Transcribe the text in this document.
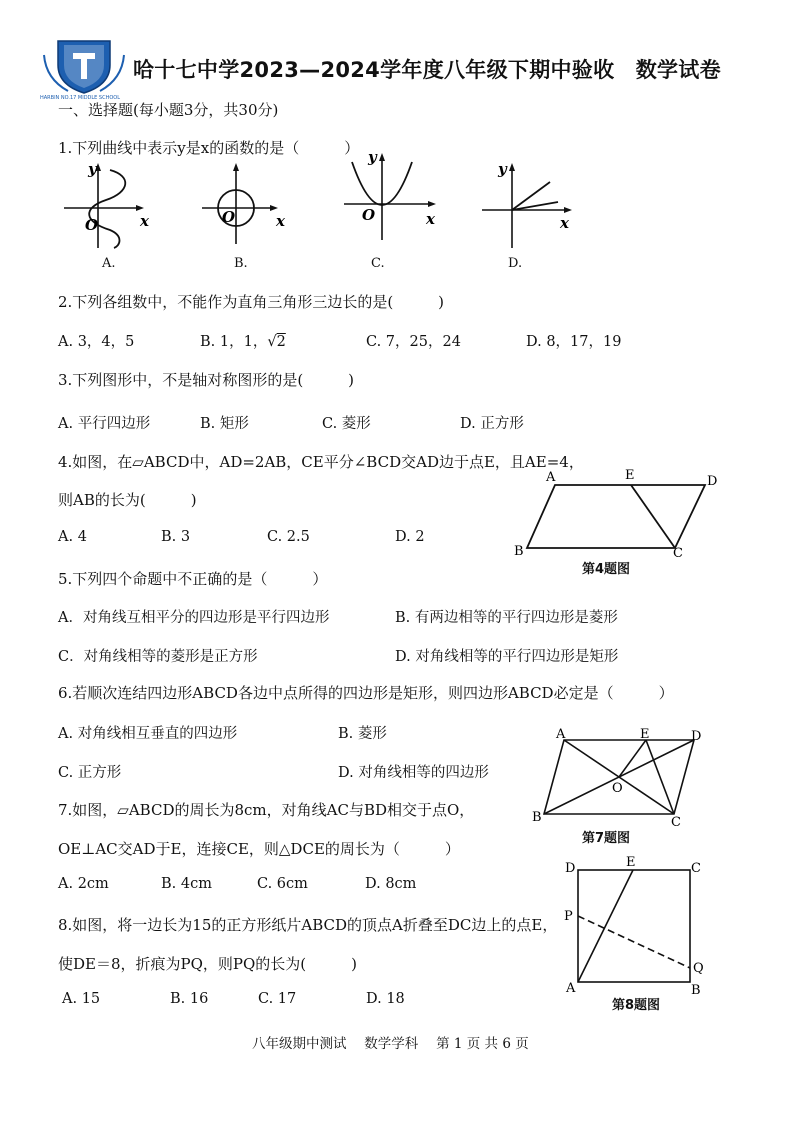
HARBIN NO.17 MIDDLE SCHOOL
哈十七中学2023—2024学年度八年级下期中验收　数学试卷
一、选择题(每小题3分，共30分)
1.下列曲线中表示y是x的函数的是（　　　）
y
x
O
A.
x
O
B.
y
x
O
C.
y
x
D.
2.下列各组数中，不能作为直角三角形三边长的是(　　　)
A. 3，4，5	B. 1，1，√2	C. 7，25，24	D. 8，17，19
3.下列图形中，不是轴对称图形的是(　　　)
A. 平行四边形	B. 矩形	C. 菱形	D. 正方形
4.如图，在▱ABCD中，AD=2AB，CE平分∠BCD交AD边于点E，且AE=4，
则AB的长为(　　　)
A. 4	B. 3	C. 2.5	D. 2
A	E	D
B	C
第4题图
5.下列四个命题中不正确的是（　　　）
A．对角线互相平分的四边形是平行四边形	B. 有两边相等的平行四边形是菱形
C．对角线相等的菱形是正方形	D. 对角线相等的平行四边形是矩形
6.若顺次连结四边形ABCD各边中点所得的四边形是矩形，则四边形ABCD必定是（　　　）
A. 对角线相互垂直的四边形	B. 菱形
C. 正方形	D. 对角线相等的四边形
A	E	D
O
B	C
第7题图
7.如图，▱ABCD的周长为8cm，对角线AC与BD相交于点O，
OE⊥AC交AD于E，连接CE，则△DCE的周长为（　　　）
A. 2cm	B. 4cm	C. 6cm	D. 8cm
D	E	C
P
Q
A	B
第8题图
8.如图，将一边长为15的正方形纸片ABCD的顶点A折叠至DC边上的点E，
使DE＝8，折痕为PQ，则PQ的长为(　　　)
A. 15	B. 16	C. 17	D. 18
八年级期中测试　 数学学科　 第 1 页 共 6 页
